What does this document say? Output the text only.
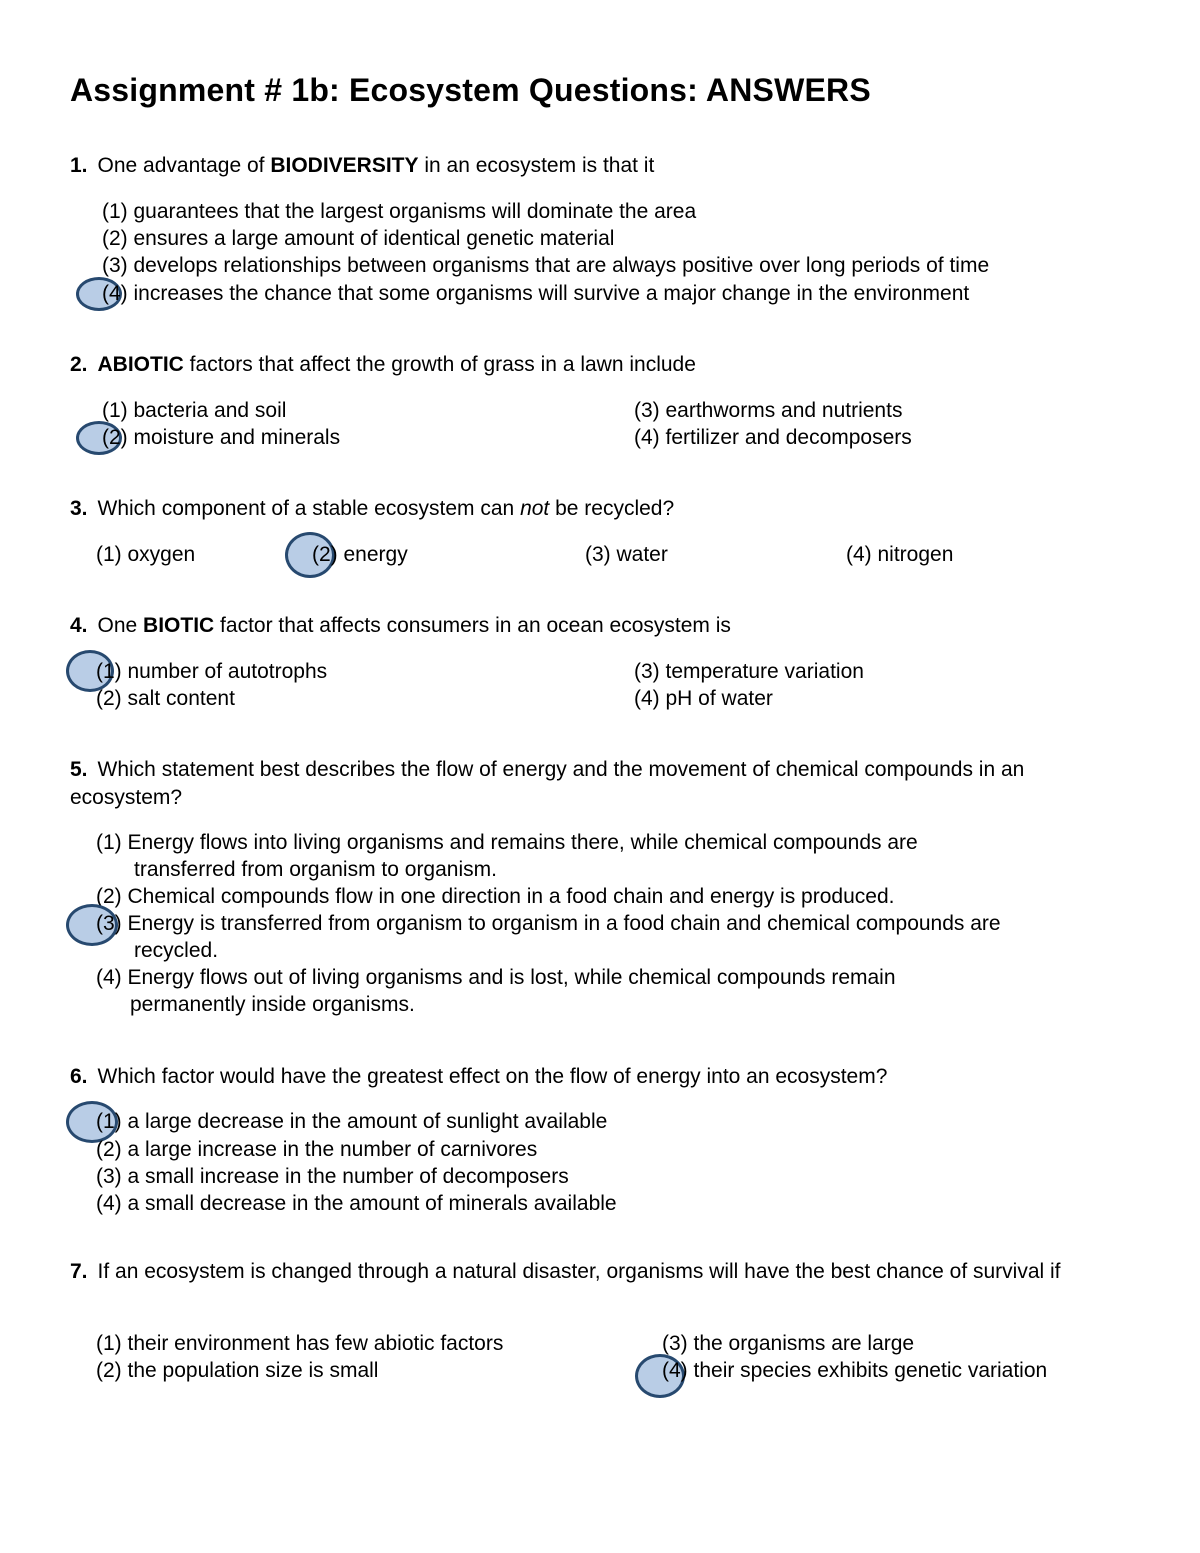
Assignment # 1b: Ecosystem Questions: ANSWERS
1. One advantage of BIODIVERSITY in an ecosystem is that it
(1) guarantees that the largest organisms will dominate the area
(2) ensures a large amount of identical genetic material
(3) develops relationships between organisms that are always positive over long periods of time
(4) increases the chance that some organisms will survive a major change in the environment
2. ABIOTIC factors that affect the growth of grass in a lawn include
(1) bacteria and soil
(2) moisture and minerals
(3) earthworms and nutrients
(4) fertilizer and decomposers
3. Which component of a stable ecosystem can not be recycled?
(1) oxygen	(2) energy	(3) water	(4) nitrogen
4. One BIOTIC factor that affects consumers in an ocean ecosystem is
(1) number of autotrophs
(2) salt content
(3) temperature variation
(4) pH of water
5. Which statement best describes the flow of energy and the movement of chemical compounds in an ecosystem?
(1) Energy flows into living organisms and remains there, while chemical compounds are
transferred from organism to organism.
(2) Chemical compounds flow in one direction in a food chain and energy is produced.
(3) Energy is transferred from organism to organism in a food chain and chemical compounds are
recycled.
(4) Energy flows out of living organisms and is lost, while chemical compounds remain
permanently inside organisms.
6. Which factor would have the greatest effect on the flow of energy into an ecosystem?
(1) a large decrease in the amount of sunlight available
(2) a large increase in the number of carnivores
(3) a small increase in the number of decomposers
(4) a small decrease in the amount of minerals available
7. If an ecosystem is changed through a natural disaster, organisms will have the best chance of survival if
(1) their environment has few abiotic factors
(2) the population size is small
(3) the organisms are large
(4) their species exhibits genetic variation
